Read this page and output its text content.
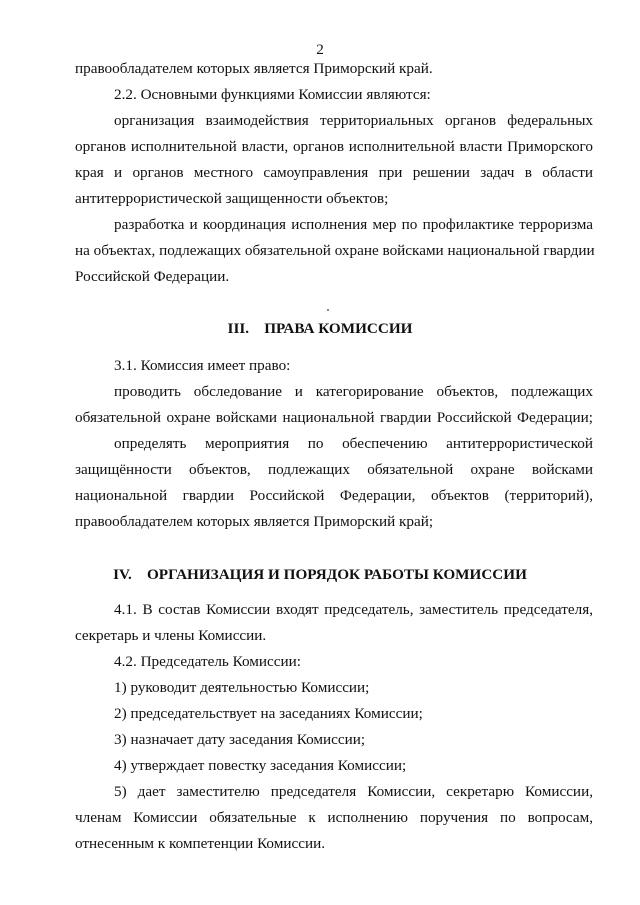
2
правообладателем которых является Приморский край.
2.2. Основными функциями Комиссии являются:
организация взаимодействия территориальных органов федеральных
органов исполнительной власти, органов исполнительной власти Приморского
края и органов местного самоуправления при решении задач в области
антитеррористической защищенности объектов;
разработка и координация исполнения мер по профилактике терроризма
на объектах, подлежащих обязательной охране войсками национальной гвардии
Российской Федерации.
III.    ПРАВА КОМИССИИ
3.1. Комиссия имеет право:
проводить обследование и категорирование объектов, подлежащих
обязательной охране войсками национальной гвардии Российской Федерации;
определять мероприятия по обеспечению антитеррористической
защищённости объектов, подлежащих обязательной охране войсками
национальной гвардии Российской Федерации, объектов (территорий),
правообладателем которых является Приморский край;
IV.    ОРГАНИЗАЦИЯ И ПОРЯДОК РАБОТЫ КОМИССИИ
4.1. В состав Комиссии входят председатель, заместитель председателя,
секретарь и члены Комиссии.
4.2. Председатель Комиссии:
1) руководит деятельностью Комиссии;
2) председательствует на заседаниях Комиссии;
3) назначает дату заседания Комиссии;
4) утверждает повестку заседания Комиссии;
5) дает заместителю председателя Комиссии, секретарю Комиссии,
членам Комиссии обязательные к исполнению поручения по вопросам,
отнесенным к компетенции Комиссии.
